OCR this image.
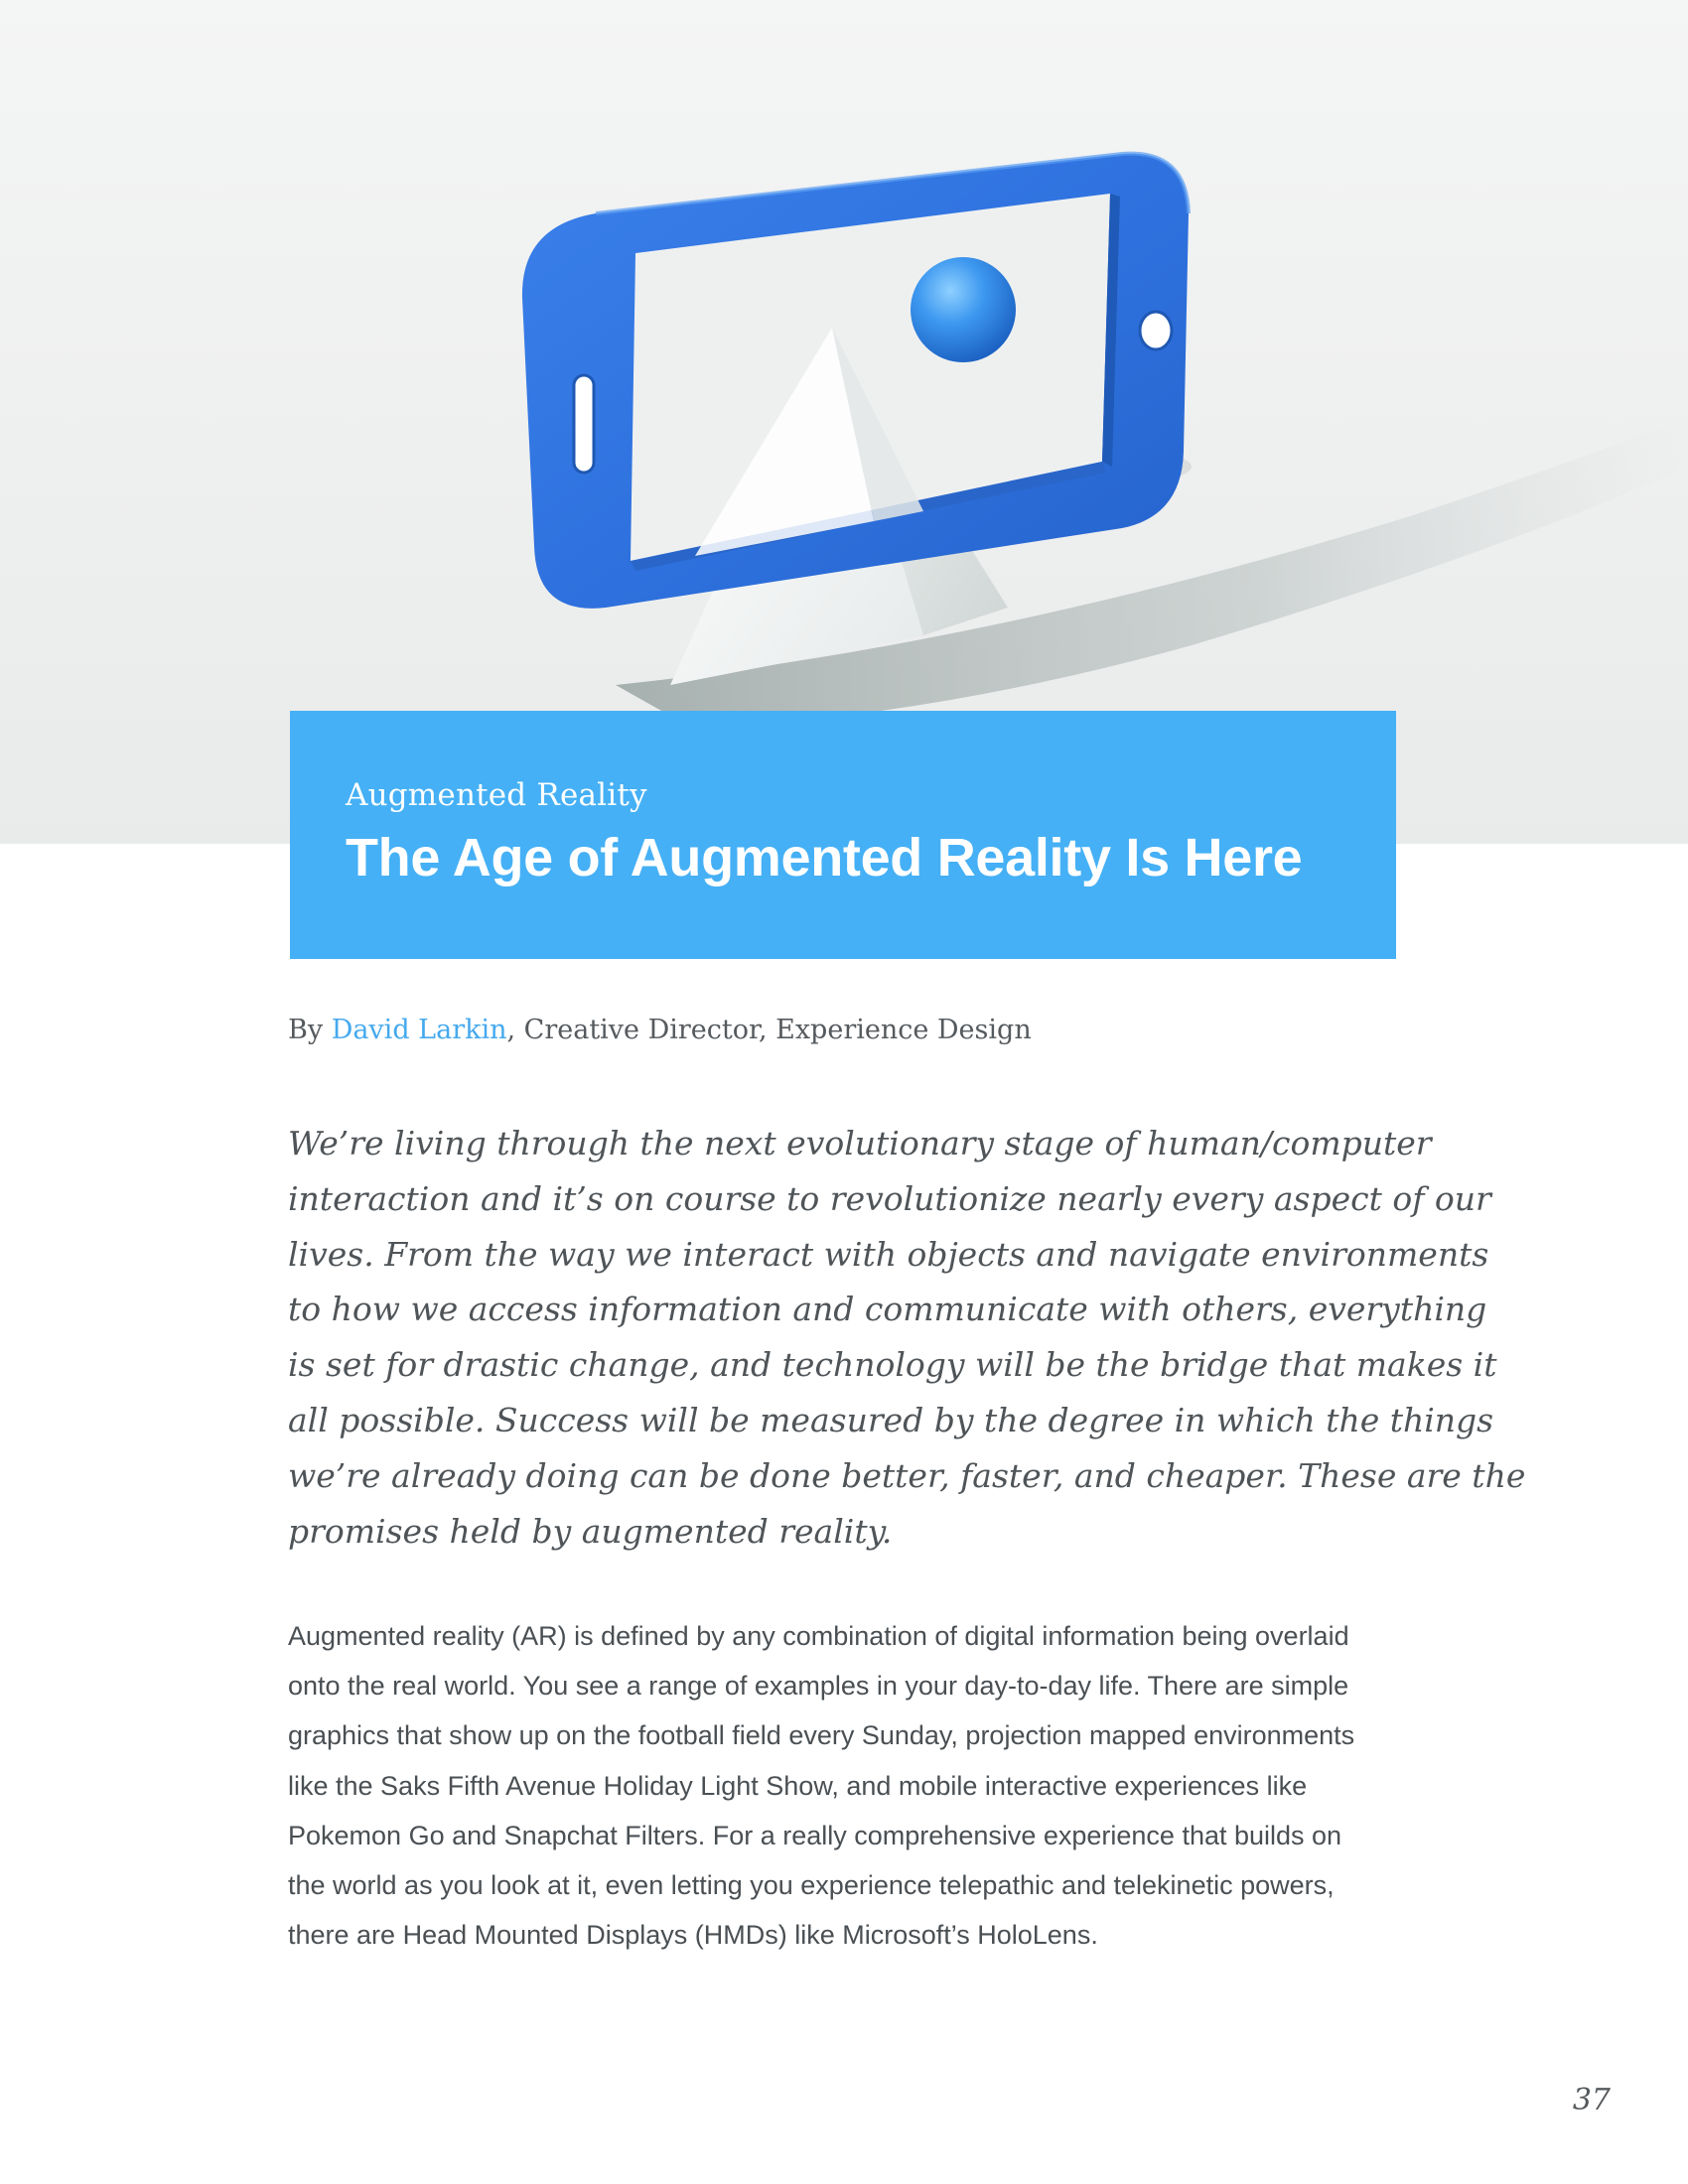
Augmented Reality
The Age of Augmented Reality Is Here
By David Larkin, Creative Director, Experience Design
We’re living through the next evolutionary stage of human/computer
interaction and it’s on course to revolutionize nearly every aspect of our
lives. From the way we interact with objects and navigate environments
to how we access information and communicate with others, everything
is set for drastic change, and technology will be the bridge that makes it
all possible. Success will be measured by the degree in which the things
we’re already doing can be done better, faster, and cheaper. These are the
promises held by augmented reality.
Augmented reality (AR) is defined by any combination of digital information being overlaid
onto the real world. You see a range of examples in your day-to-day life. There are simple
graphics that show up on the football field every Sunday, projection mapped environments
like the Saks Fifth Avenue Holiday Light Show, and mobile interactive experiences like
Pokemon Go and Snapchat Filters. For a really comprehensive experience that builds on
the world as you look at it, even letting you experience telepathic and telekinetic powers,
there are Head Mounted Displays (HMDs) like Microsoft’s HoloLens.
37
